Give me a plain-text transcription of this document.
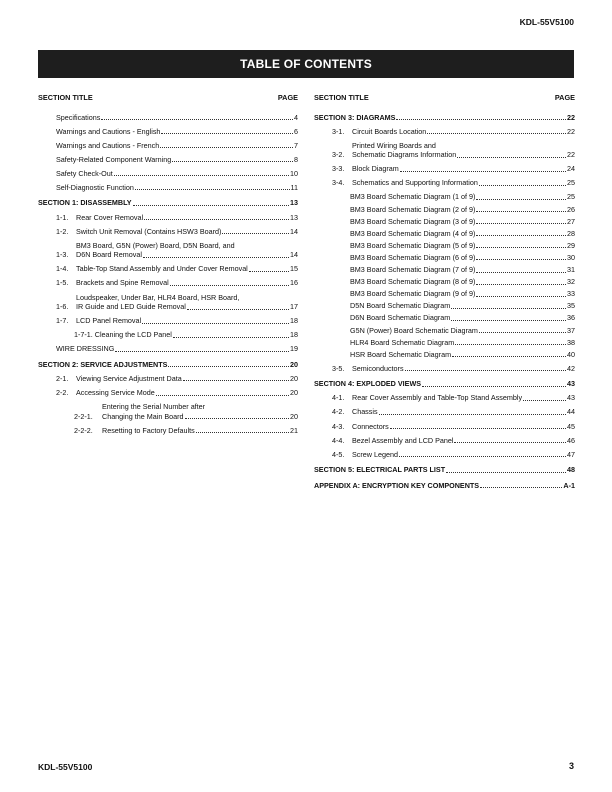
KDL-55V5100
TABLE OF CONTENTS
SECTION TITLE	PAGE
Specifications	4
Warnings and Cautions - English	6
Warnings and Cautions - French	7
Safety-Related Component Warning	8
Safety Check-Out	10
Self-Diagnostic Function	11
SECTION 1: DISASSEMBLY	13
1-1.	Rear Cover Removal	13
1-2.	Switch Unit Removal (Contains HSW3 Board)	14
1-3.
BM3 Board, G5N (Power) Board, D5N Board, and
D6N Board Removal	14
1-4.	Table-Top Stand Assembly and Under Cover Removal	15
1-5.	Brackets and Spine Removal	16
1-6.
Loudspeaker, Under Bar, HLR4 Board, HSR Board,
IR Guide and LED Guide Removal	17
1-7.	LCD Panel Removal	18
1-7-1. Cleaning the LCD Panel	18
WIRE DRESSING	19
SECTION 2: SERVICE ADJUSTMENTS	20
2-1.	Viewing Service Adjustment Data	20
2-2.	Accessing Service Mode	20
2-2-1.
Entering the Serial Number after
Changing the Main Board	20
2-2-2.	Resetting to Factory Defaults	21
SECTION TITLE	PAGE
SECTION 3: DIAGRAMS	22
3-1.	Circuit Boards Location	22
3-2.
Printed Wiring Boards and
Schematic Diagrams Information	22
3-3.	Block Diagram	24
3-4.	Schematics and Supporting Information	25
BM3 Board Schematic Diagram (1 of 9)	25
BM3 Board Schematic Diagram (2 of 9)	26
BM3 Board Schematic Diagram (3 of 9)	27
BM3 Board Schematic Diagram (4 of 9)	28
BM3 Board Schematic Diagram (5 of 9)	29
BM3 Board Schematic Diagram (6 of 9)	30
BM3 Board Schematic Diagram (7 of 9)	31
BM3 Board Schematic Diagram (8 of 9)	32
BM3 Board Schematic Diagram (9 of 9)	33
D5N Board Schematic Diagram	35
D6N Board Schematic Diagram	36
G5N (Power) Board Schematic Diagram	37
HLR4 Board Schematic Diagram	38
HSR Board Schematic Diagram	40
3-5.	Semiconductors	42
SECTION 4: EXPLODED VIEWS	43
4-1.	Rear Cover Assembly and Table-Top Stand Assembly	43
4-2.	Chassis	44
4-3.	Connectors	45
4-4.	Bezel Assembly and LCD Panel	46
4-5.	Screw Legend	47
SECTION 5: ELECTRICAL PARTS LIST	48
APPENDIX A: ENCRYPTION KEY COMPONENTS	A-1
KDL-55V5100	3
